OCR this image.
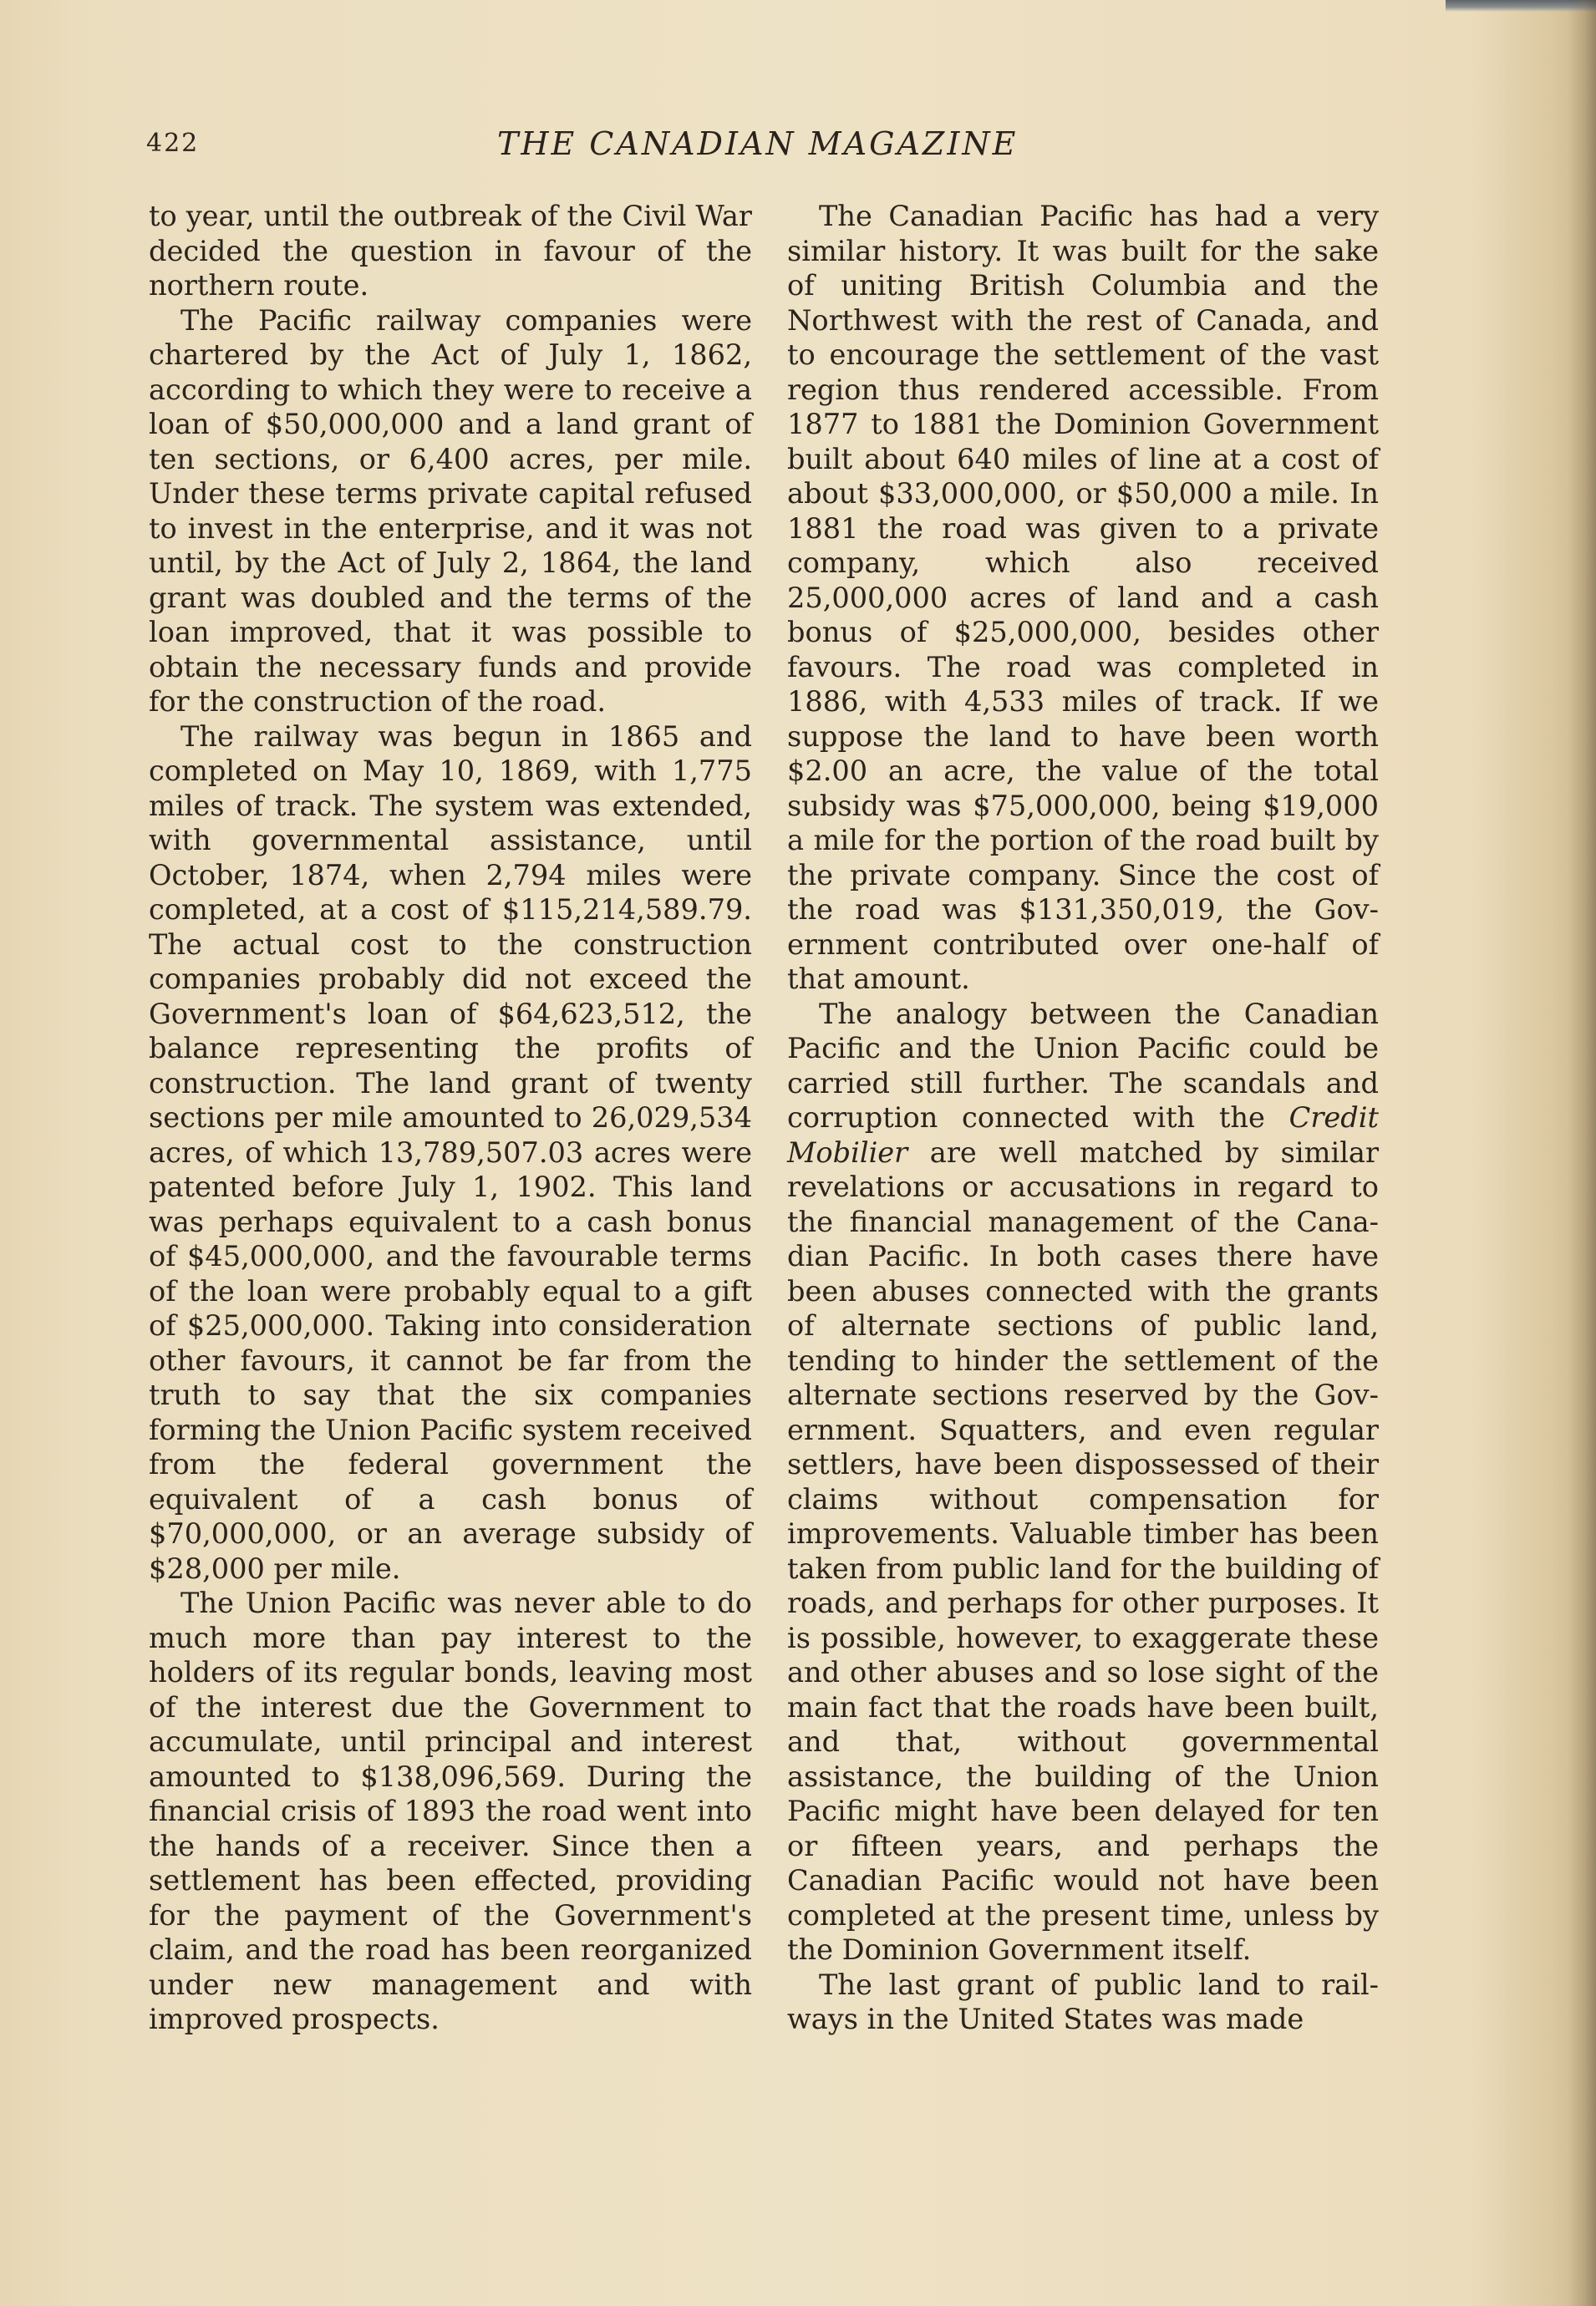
422	THE CANADIAN MAGAZINE

to year, until the outbreak of the Civil War decided the question in favour of the northern route.

The Pacific railway companies were chartered by the Act of July 1, 1862, according to which they were to receive a loan of $50,000,000 and a land grant of ten sections, or 6,400 acres, per mile. Under these terms private capital refused to invest in the enterprise, and it was not until, by the Act of July 2, 1864, the land grant was doubled and the terms of the loan improved, that it was possible to obtain the necessary funds and provide for the construction of the road.

The railway was begun in 1865 and completed on May 10, 1869, with 1,775 miles of track. The system was extended, with governmental assistance, until October, 1874, when 2,794 miles were completed, at a cost of $115,214,589.79. The actual cost to the construction companies probably did not exceed the Government's loan of $64,623,512, the balance representing the profits of construction. The land grant of twenty sections per mile amounted to 26,029,534 acres, of which 13,789,507.03 acres were patented before July 1, 1902. This land was perhaps equivalent to a cash bonus of $45,000,000, and the favourable terms of the loan were probably equal to a gift of $25,000,000. Taking into consideration other favours, it cannot be far from the truth to say that the six companies forming the Union Pacific system received from the federal government the equivalent of a cash bonus of $70,000,000, or an average subsidy of $28,000 per mile.

The Union Pacific was never able to do much more than pay interest to the holders of its regular bonds, leaving most of the interest due the Government to accumulate, until principal and interest amounted to $138,096,569. During the financial crisis of 1893 the road went into the hands of a receiver. Since then a settlement has been effected, providing for the payment of the Government's claim, and the road has been reorganized under new management and with improved prospects.

The Canadian Pacific has had a very similar history. It was built for the sake of uniting British Columbia and the Northwest with the rest of Canada, and to encourage the settlement of the vast region thus rendered accessible. From 1877 to 1881 the Dominion Government built about 640 miles of line at a cost of about $33,000,000, or $50,000 a mile. In 1881 the road was given to a private company, which also received 25,000,000 acres of land and a cash bonus of $25,000,000, besides other favours. The road was completed in 1886, with 4,533 miles of track. If we suppose the land to have been worth $2.00 an acre, the value of the total subsidy was $75,000,000, being $19,000 a mile for the portion of the road built by the private company. Since the cost of the road was $131,350,019, the Government contributed over one-half of that amount.

The analogy between the Canadian Pacific and the Union Pacific could be carried still further. The scandals and corruption connected with the Credit Mobilier are well matched by similar revelations or accusations in regard to the financial management of the Canadian Pacific. In both cases there have been abuses connected with the grants of alternate sections of public land, tending to hinder the settlement of the alternate sections reserved by the Government. Squatters, and even regular settlers, have been dispossessed of their claims without compensation for improvements. Valuable timber has been taken from public land for the building of roads, and perhaps for other purposes. It is possible, however, to exaggerate these and other abuses and so lose sight of the main fact that the roads have been built, and that, without governmental assistance, the building of the Union Pacific might have been delayed for ten or fifteen years, and perhaps the Canadian Pacific would not have been completed at the present time, unless by the Dominion Government itself.

The last grant of public land to railways in the United States was made
